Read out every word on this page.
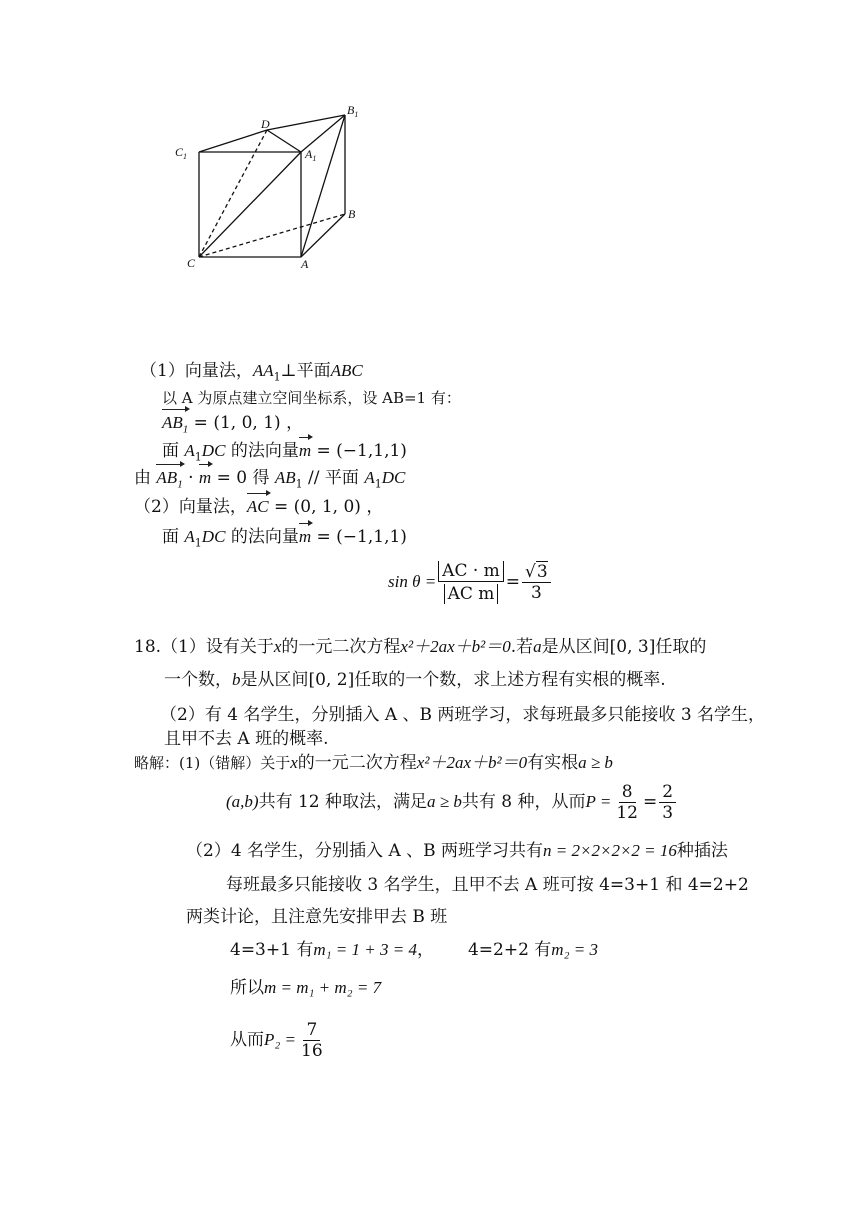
$B_1$
D
$C_1$	$A_1$
B
C	A
（1）向量法，$AA_1\perp$平面ABC
以 A 为原点建立空间坐标系，设 AB=1 有：
$AB_1 = (1$, 0, 1) ，
面 $A_1DC$ 的法向量m = (−1,1,1)
由 $AB_1 \cdot m = 0$ 得 $AB_1$ // 平面 $A_1DC$
（2）向量法，AC = (0, 1, 0) ，
面 $A_1DC$ 的法向量m = (−1,1,1)
$\sin \theta = \frac{AC \cdot m}{\text{AC m}} = \frac{√3}{3}$
18.（1）设有关于x的一元二次方程x²＋2ax＋b²＝0.若a是从区间[0, 3]任取的
一个数，b是从区间[0, 2]任取的一个数，求上述方程有实根的概率.
（2）有 4 名学生，分别插入 A 、B 两班学习，求每班最多只能接收 3 名学生，
且甲不去 A 班的概率.
略解：(1)（错解）关于x的一元二次方程x²＋2ax＋b²＝0有实根a ≥ b
(a,b) 共有 12 种取法，满足 a ≥ b 共有 8 种，从而 $P = \frac{8}{12} = \frac{2}{3}$
（2）4 名学生，分别插入 A 、B 两班学习共有n = 2×2×2×2 = 16种插法
每班最多只能接收 3 名学生，且甲不去 A 班可按 4=3+1 和 4=2+2
两类计论，且注意先安排甲去 B 班
4=3+1 有m₁ = 1 + 3 = 4， 4=2+2 有m₂ = 3
所以m = m₁ + m₂ = 7
从而 $P_2 = \frac{7}{16}$
